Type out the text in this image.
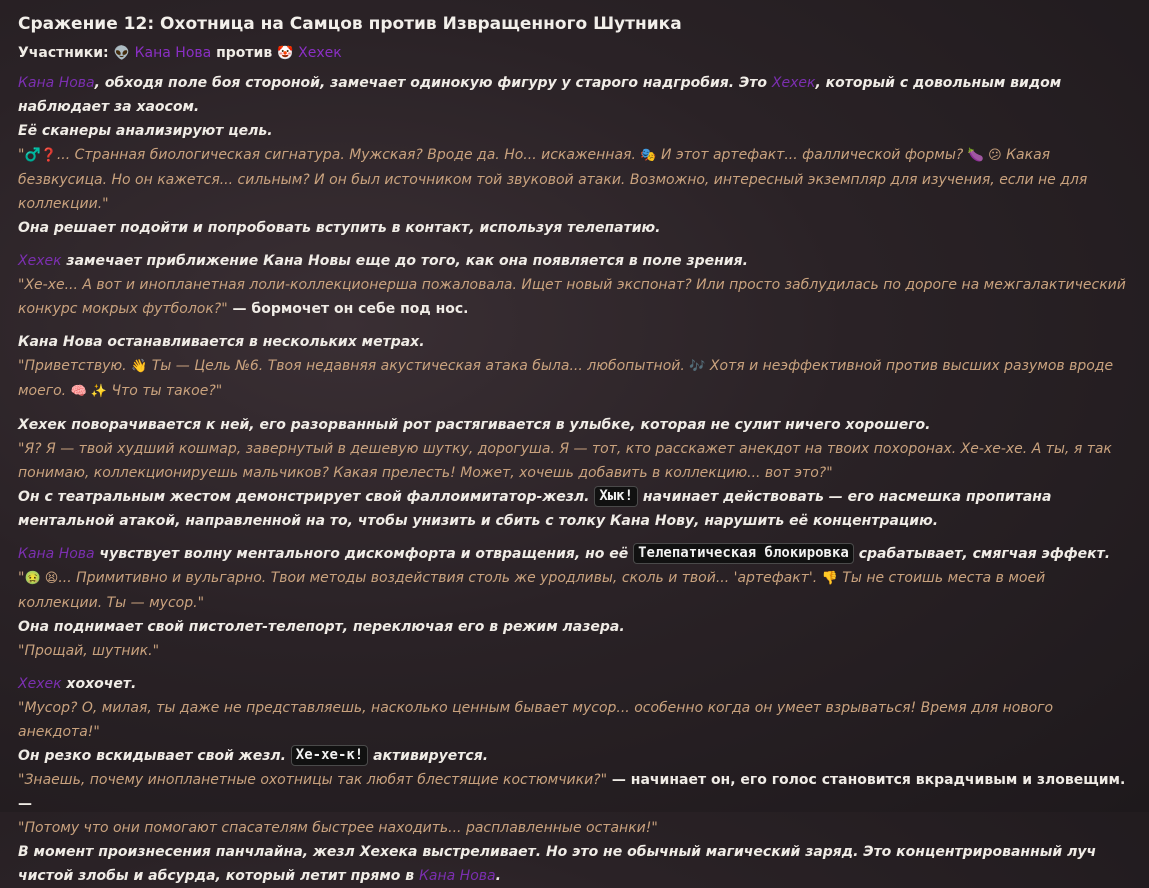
Сражение 12: Охотница на Самцов против Извращенного Шутника
Участники: 👽 Кана Нова против 🤡 Хехек

Кана Нова, обходя поле боя стороной, замечает одинокую фигуру у старого надгробия. Это Хехек, который с довольным видом наблюдает за хаосом.

Её сканеры анализируют цель.

"♂️❓... Странная биологическая сигнатура. Мужская? Вроде да. Но... искаженная. 🎭 И этот артефакт... фаллической формы? 🍆 😕 Какая безвкусица. Но он кажется... сильным? И он был источником той звуковой атаки. Возможно, интересный экземпляр для изучения, если не для коллекции."

Она решает подойти и попробовать вступить в контакт, используя телепатию.

Хехек замечает приближение Кана Новы еще до того, как она появляется в поле зрения.

"Хе-хе... А вот и инопланетная лоли-коллекционерша пожаловала. Ищет новый экспонат? Или просто заблудилась по дороге на межгалактический конкурс мокрых футболок?" — бормочет он себе под нос.

Кана Нова останавливается в нескольких метрах.

"Приветствую. 👋 Ты — Цель №6. Твоя недавняя акустическая атака была... любопытной. 🎶 Хотя и неэффективной против высших разумов вроде моего. 🧠 ✨ Что ты такое?"

Хехек поворачивается к ней, его разорванный рот растягивается в улыбке, которая не сулит ничего хорошего.

"Я? Я — твой худший кошмар, завернутый в дешевую шутку, дорогуша. Я — тот, кто расскажет анекдот на твоих похоронах. Хе-хе-хе. А ты, я так понимаю, коллекционируешь мальчиков? Какая прелесть! Может, хочешь добавить в коллекцию... вот это?"

Он с театральным жестом демонстрирует свой фаллоимитатор-жезл. Хык! начинает действовать — его насмешка пропитана ментальной атакой, направленной на то, чтобы унизить и сбить с толку Кана Нову, нарушить её концентрацию.

Кана Нова чувствует волну ментального дискомфорта и отвращения, но её Телепатическая блокировка срабатывает, смягчая эффект.

"🤢 😫... Примитивно и вульгарно. Твои методы воздействия столь же уродливы, сколь и твой... 'артефакт'. 👎 Ты не стоишь места в моей коллекции. Ты — мусор."

Она поднимает свой пистолет-телепорт, переключая его в режим лазера.

"Прощай, шутник."

Хехек хохочет.

"Мусор? О, милая, ты даже не представляешь, насколько ценным бывает мусор... особенно когда он умеет взрываться! Время для нового анекдота!"

Он резко вскидывает свой жезл. Хе-хе-к! активируется.

"Знаешь, почему инопланетные охотницы так любят блестящие костюмчики?" — начинает он, его голос становится вкрадчивым и зловещим. —

"Потому что они помогают спасателям быстрее находить... расплавленные останки!"

В момент произнесения панчлайна, жезл Хехека выстреливает. Но это не обычный магический заряд. Это концентрированный луч чистой злобы и абсурда, который летит прямо в Кана Нова.
